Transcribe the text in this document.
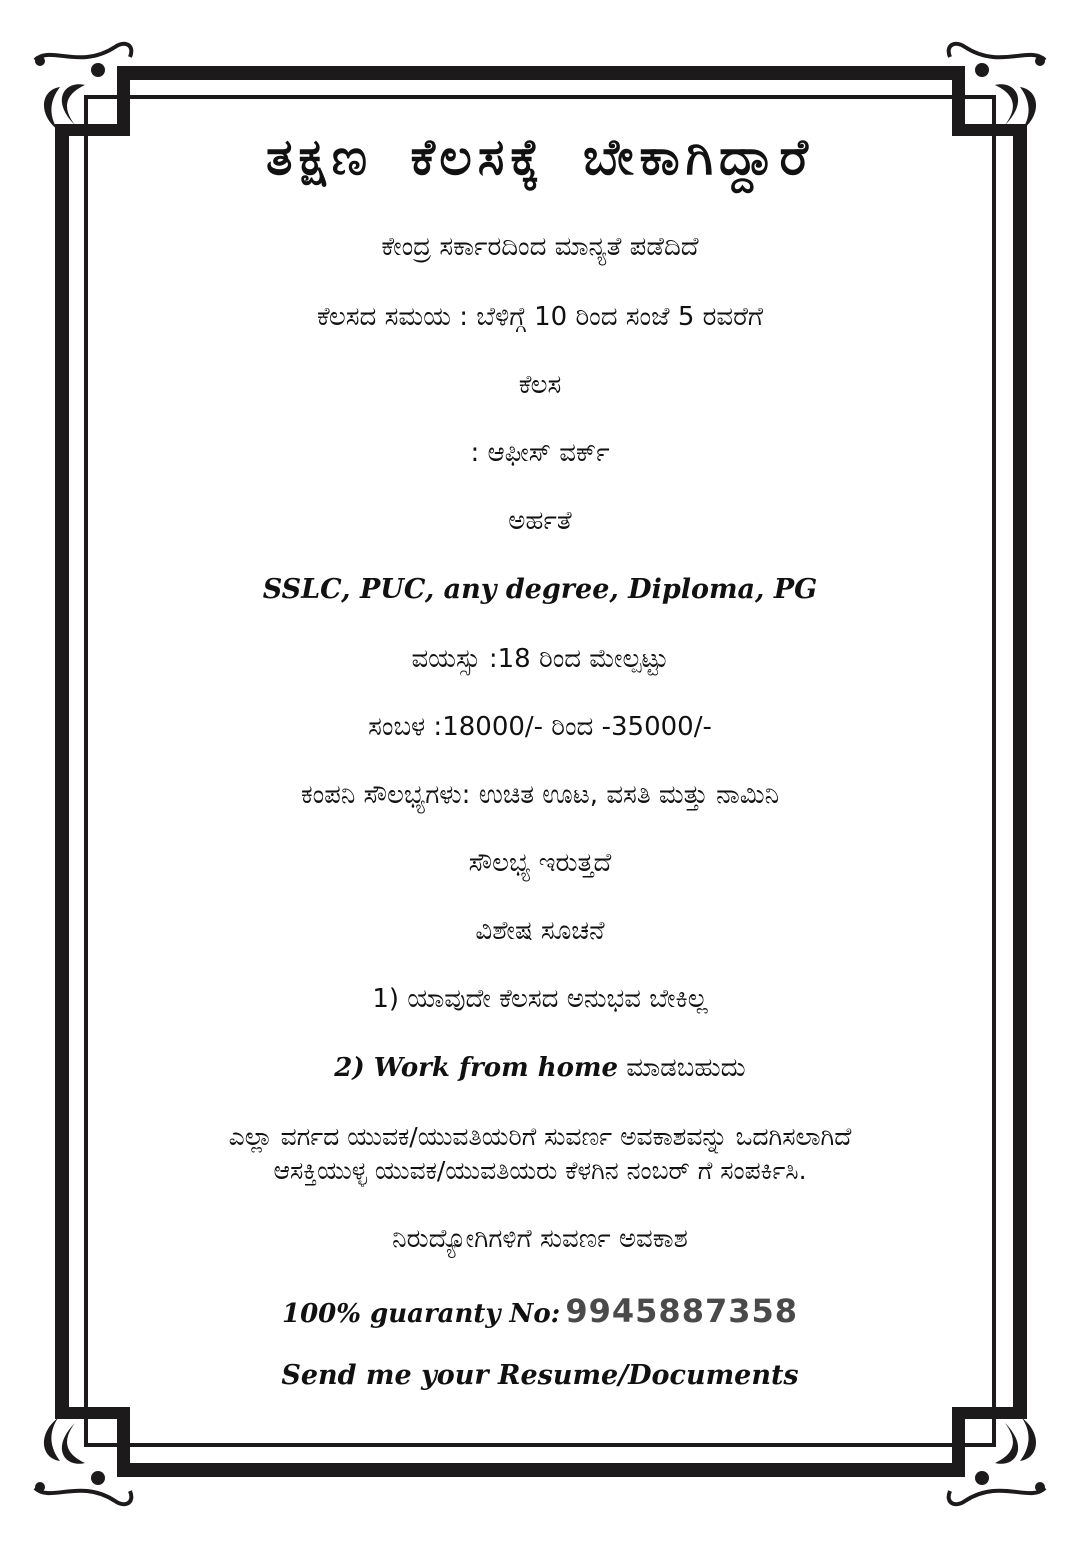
ತಕ್ಷಣ ಕೆಲಸಕ್ಕೆ ಬೇಕಾಗಿದ್ದಾರೆ
ಕೇಂದ್ರ ಸರ್ಕಾರದಿಂದ ಮಾನ್ಯತೆ ಪಡೆದಿದೆ
ಕೆಲಸದ ಸಮಯ : ಬೆಳಿಗ್ಗೆ 10 ರಿಂದ ಸಂಜೆ 5 ರವರೆಗೆ
ಕೆಲಸ
: ಆಫೀಸ್ ವರ್ಕ್
ಅರ್ಹತೆ
SSLC, PUC, any degree, Diploma, PG
ವಯಸ್ಸು :18 ರಿಂದ ಮೇಲ್ಪಟ್ಟು
ಸಂಬಳ :18000/- ರಿಂದ -35000/-
ಕಂಪನಿ ಸೌಲಭ್ಯಗಳು: ಉಚಿತ ಊಟ, ವಸತಿ ಮತ್ತು ನಾಮಿನಿ
ಸೌಲಭ್ಯ ಇರುತ್ತದೆ
ವಿಶೇಷ ಸೂಚನೆ
1) ಯಾವುದೇ ಕೆಲಸದ ಅನುಭವ ಬೇಕಿಲ್ಲ
2) Work from home ಮಾಡಬಹುದು
ಎಲ್ಲಾ ವರ್ಗದ ಯುವಕ/ಯುವತಿಯರಿಗೆ ಸುವರ್ಣ ಅವಕಾಶವನ್ನು ಒದಗಿಸಲಾಗಿದೆ
ಆಸಕ್ತಿಯುಳ್ಳ ಯುವಕ/ಯುವತಿಯರು ಕೆಳಗಿನ ನಂಬರ್ ಗೆ ಸಂಪರ್ಕಿಸಿ.
ನಿರುದ್ಯೋಗಿಗಳಿಗೆ ಸುವರ್ಣ ಅವಕಾಶ
100% guaranty No: 9945887358
Send me your Resume/Documents
